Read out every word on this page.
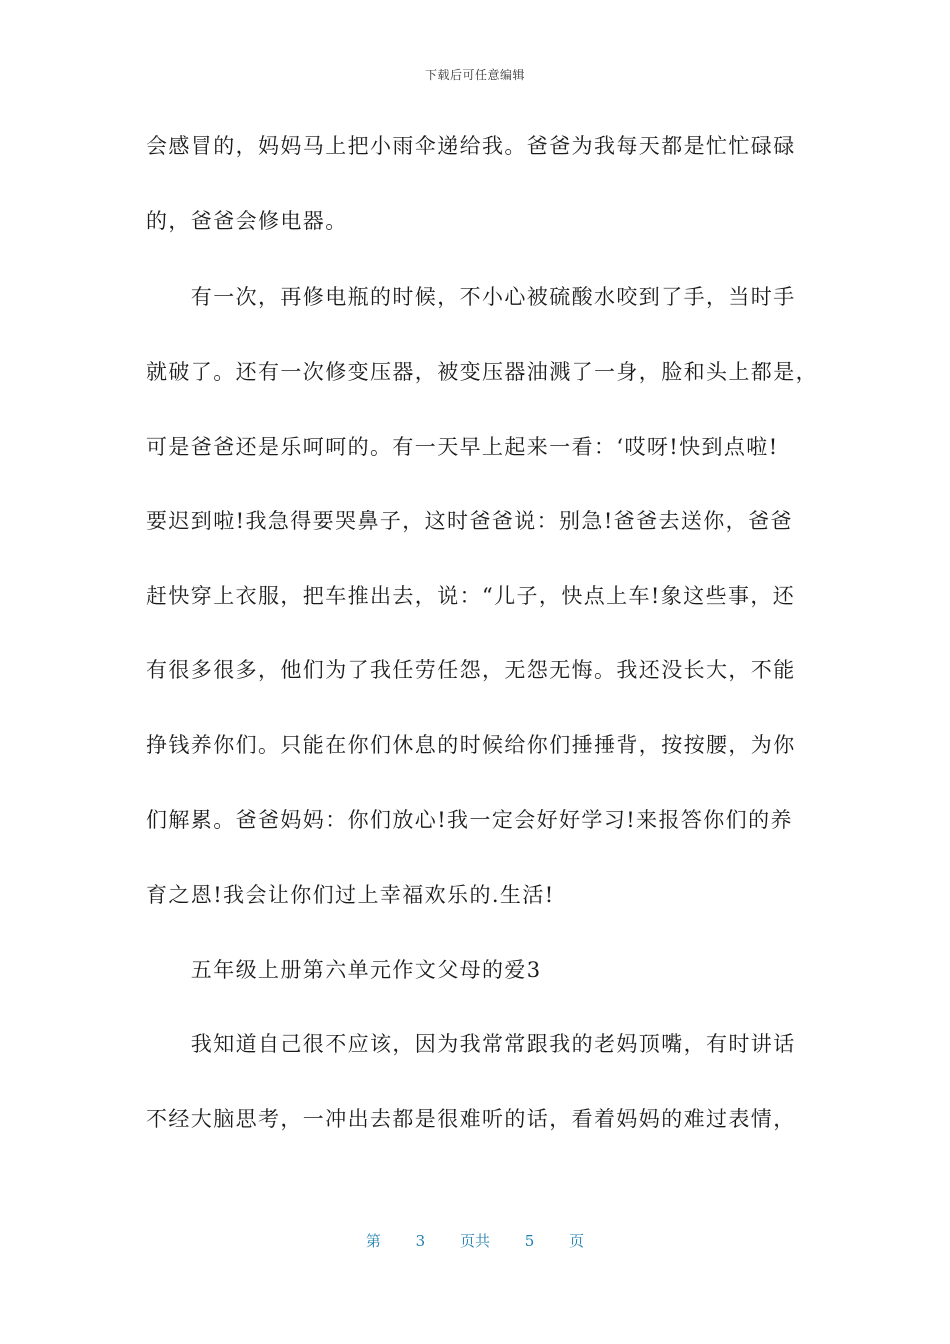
下载后可任意编辑
会感冒的，妈妈马上把小雨伞递给我。爸爸为我每天都是忙忙碌碌
的，爸爸会修电器。
　　有一次，再修电瓶的时候，不小心被硫酸水咬到了手，当时手
就破了。还有一次修变压器，被变压器油溅了一身，脸和头上都是，
可是爸爸还是乐呵呵的。有一天早上起来一看：‘哎呀!快到点啦!
要迟到啦!我急得要哭鼻子，这时爸爸说：别急!爸爸去送你，爸爸
赶快穿上衣服，把车推出去，说：“儿子，快点上车!象这些事，还
有很多很多，他们为了我任劳任怨，无怨无悔。我还没长大，不能
挣钱养你们。只能在你们休息的时候给你们捶捶背，按按腰，为你
们解累。爸爸妈妈：你们放心!我一定会好好学习!来报答你们的养
育之恩!我会让你们过上幸福欢乐的.生活!
　　五年级上册第六单元作文父母的爱3
　　我知道自己很不应该，因为我常常跟我的老妈顶嘴，有时讲话
不经大脑思考，一冲出去都是很难听的话，看着妈妈的难过表情，
第 3 页共 5 页
